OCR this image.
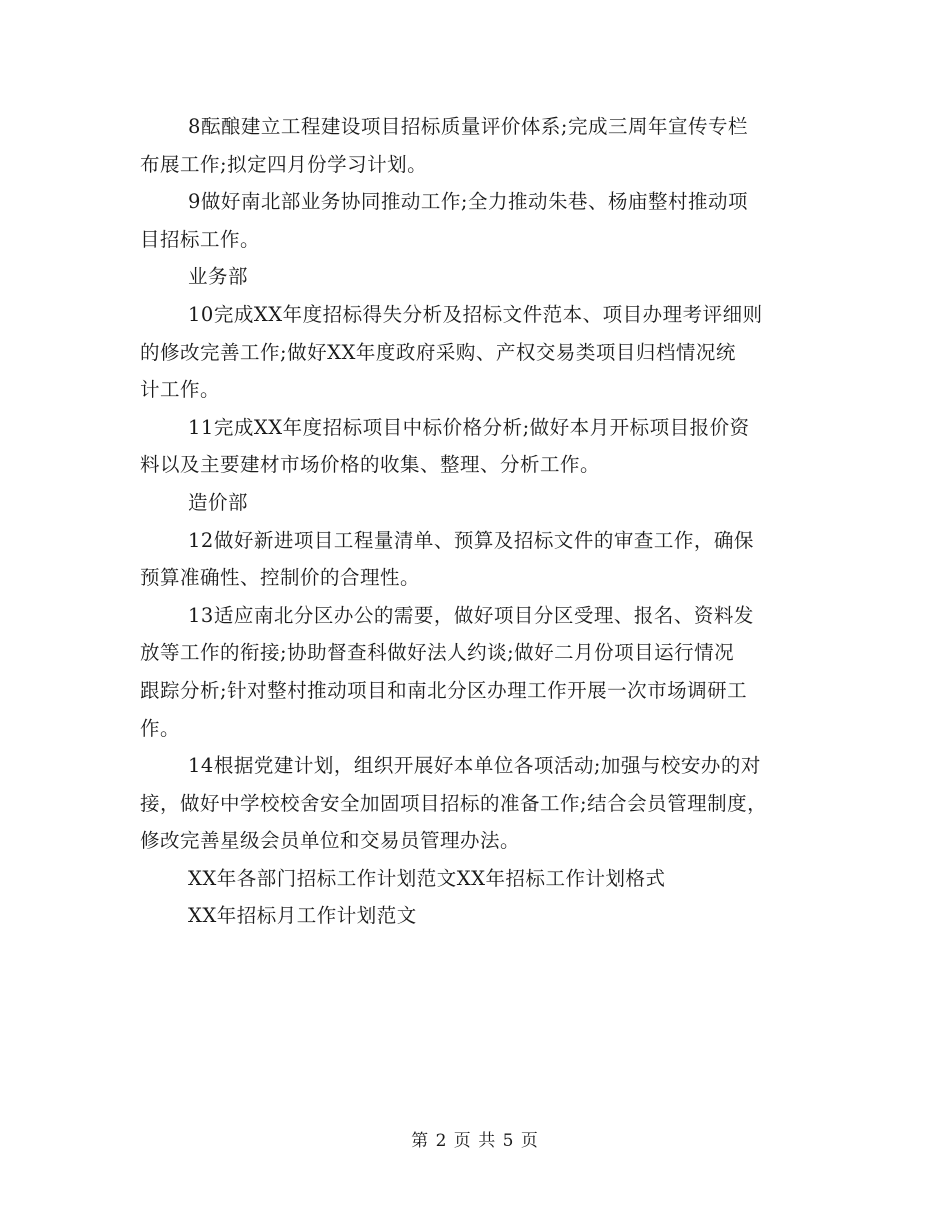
8酝酿建立工程建设项目招标质量评价体系;完成三周年宣传专栏
布展工作;拟定四月份学习计划。
9做好南北部业务协同推动工作;全力推动朱巷、杨庙整村推动项
目招标工作。
业务部
10完成XX年度招标得失分析及招标文件范本、项目办理考评细则
的修改完善工作;做好XX年度政府采购、产权交易类项目归档情况统
计工作。
11完成XX年度招标项目中标价格分析;做好本月开标项目报价资
料以及主要建材市场价格的收集、整理、分析工作。
造价部
12做好新进项目工程量清单、预算及招标文件的审查工作，确保
预算准确性、控制价的合理性。
13适应南北分区办公的需要，做好项目分区受理、报名、资料发
放等工作的衔接;协助督查科做好法人约谈;做好二月份项目运行情况
跟踪分析;针对整村推动项目和南北分区办理工作开展一次市场调研工
作。
14根据党建计划，组织开展好本单位各项活动;加强与校安办的对
接，做好中学校校舍安全加固项目招标的准备工作;结合会员管理制度，
修改完善星级会员单位和交易员管理办法。
XX年各部门招标工作计划范文XX年招标工作计划格式
XX年招标月工作计划范文
第 2 页 共 5 页
